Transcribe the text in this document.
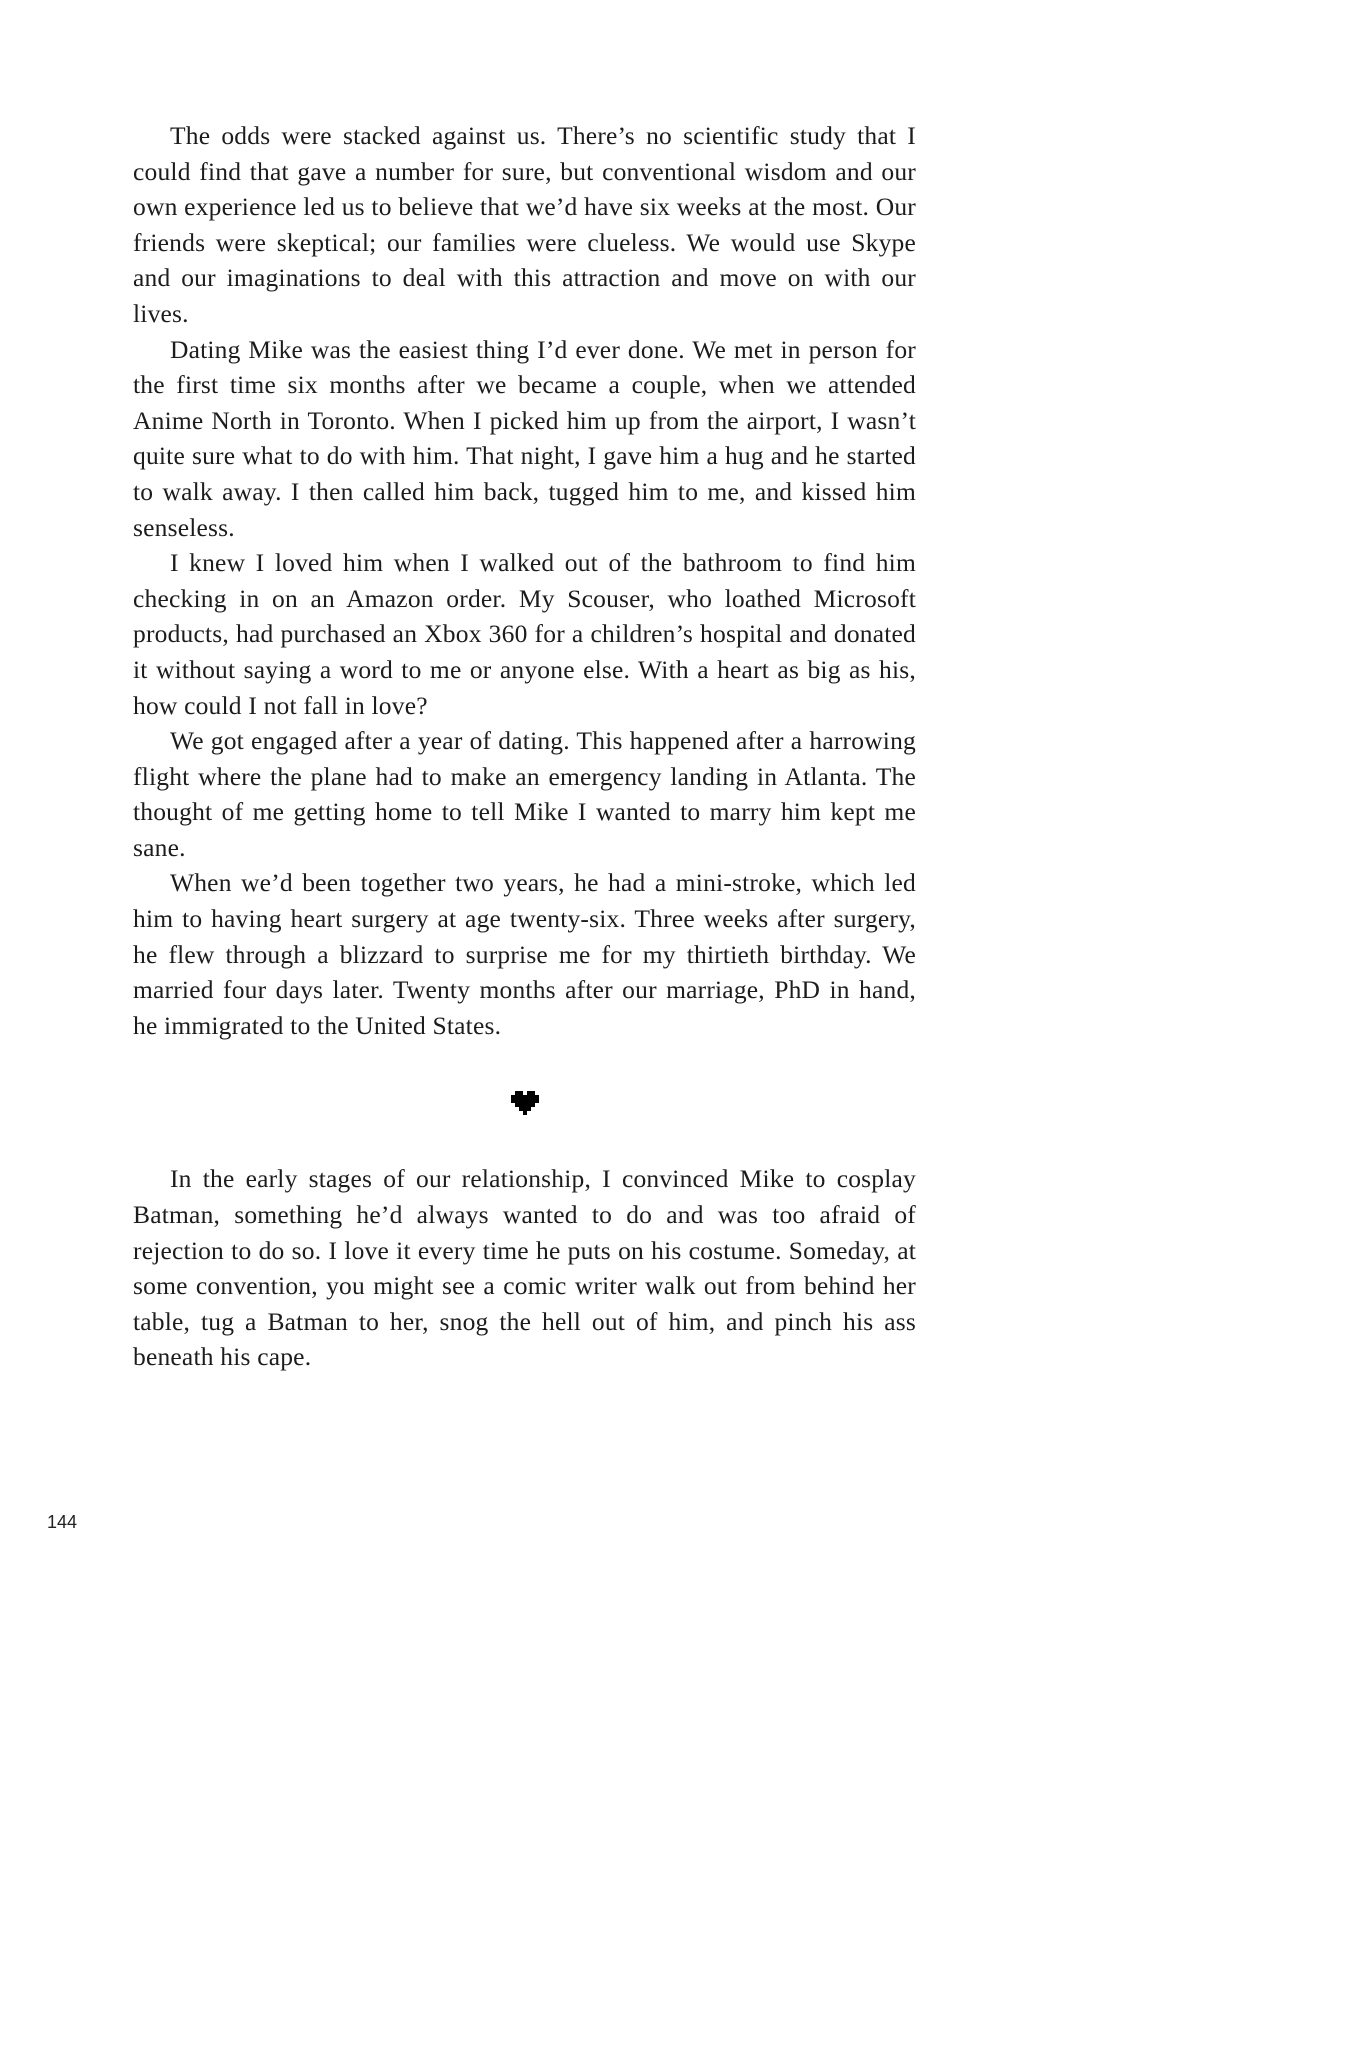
The odds were stacked against us. There’s no scientific study that I could find that gave a number for sure, but conventional wisdom and our own experience led us to believe that we’d have six weeks at the most. Our friends were skeptical; our families were clueless. We would use Skype and our imaginations to deal with this attraction and move on with our lives.

Dating Mike was the easiest thing I’d ever done. We met in person for the first time six months after we became a couple, when we attended Anime North in Toronto. When I picked him up from the airport, I wasn’t quite sure what to do with him. That night, I gave him a hug and he started to walk away. I then called him back, tugged him to me, and kissed him senseless.

I knew I loved him when I walked out of the bathroom to find him checking in on an Amazon order. My Scouser, who loathed Microsoft products, had purchased an Xbox 360 for a children’s hospital and donated it without saying a word to me or anyone else. With a heart as big as his, how could I not fall in love?

We got engaged after a year of dating. This happened after a harrowing flight where the plane had to make an emergency landing in Atlanta. The thought of me getting home to tell Mike I wanted to marry him kept me sane.

When we’d been together two years, he had a mini-stroke, which led him to having heart surgery at age twenty-six. Three weeks after surgery, he flew through a blizzard to surprise me for my thirtieth birthday. We married four days later. Twenty months after our marriage, PhD in hand, he immigrated to the United States.

In the early stages of our relationship, I convinced Mike to cosplay Batman, something he’d always wanted to do and was too afraid of rejection to do so. I love it every time he puts on his costume. Someday, at some convention, you might see a comic writer walk out from behind her table, tug a Batman to her, snog the hell out of him, and pinch his ass beneath his cape.

144
